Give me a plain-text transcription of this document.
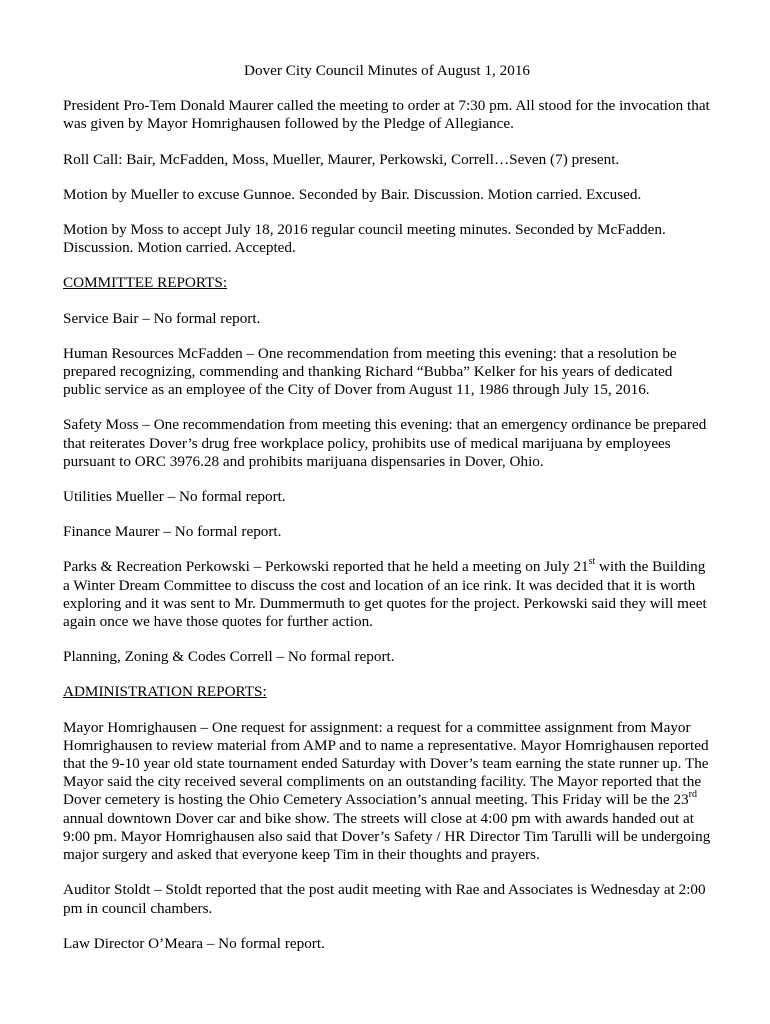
Dover City Council Minutes of August 1, 2016

President Pro-Tem Donald Maurer called the meeting to order at 7:30 pm. All stood for the invocation that was given by Mayor Homrighausen followed by the Pledge of Allegiance.

Roll Call: Bair, McFadden, Moss, Mueller, Maurer, Perkowski, Correll…Seven (7) present.

Motion by Mueller to excuse Gunnoe. Seconded by Bair. Discussion. Motion carried. Excused.

Motion by Moss to accept July 18, 2016 regular council meeting minutes. Seconded by McFadden. Discussion. Motion carried. Accepted.

COMMITTEE REPORTS:

Service Bair – No formal report.

Human Resources McFadden – One recommendation from meeting this evening: that a resolution be prepared recognizing, commending and thanking Richard “Bubba” Kelker for his years of dedicated public service as an employee of the City of Dover from August 11, 1986 through July 15, 2016.

Safety Moss – One recommendation from meeting this evening: that an emergency ordinance be prepared that reiterates Dover’s drug free workplace policy, prohibits use of medical marijuana by employees pursuant to ORC 3976.28 and prohibits marijuana dispensaries in Dover, Ohio.

Utilities Mueller – No formal report.

Finance Maurer – No formal report.

Parks & Recreation Perkowski – Perkowski reported that he held a meeting on July 21st with the Building a Winter Dream Committee to discuss the cost and location of an ice rink. It was decided that it is worth exploring and it was sent to Mr. Dummermuth to get quotes for the project. Perkowski said they will meet again once we have those quotes for further action.

Planning, Zoning & Codes Correll – No formal report.

ADMINISTRATION REPORTS:

Mayor Homrighausen – One request for assignment: a request for a committee assignment from Mayor Homrighausen to review material from AMP and to name a representative. Mayor Homrighausen reported that the 9-10 year old state tournament ended Saturday with Dover’s team earning the state runner up. The Mayor said the city received several compliments on an outstanding facility. The Mayor reported that the Dover cemetery is hosting the Ohio Cemetery Association’s annual meeting. This Friday will be the 23rd annual downtown Dover car and bike show. The streets will close at 4:00 pm with awards handed out at 9:00 pm. Mayor Homrighausen also said that Dover’s Safety / HR Director Tim Tarulli will be undergoing major surgery and asked that everyone keep Tim in their thoughts and prayers.

Auditor Stoldt – Stoldt reported that the post audit meeting with Rae and Associates is Wednesday at 2:00 pm in council chambers.

Law Director O’Meara – No formal report.
